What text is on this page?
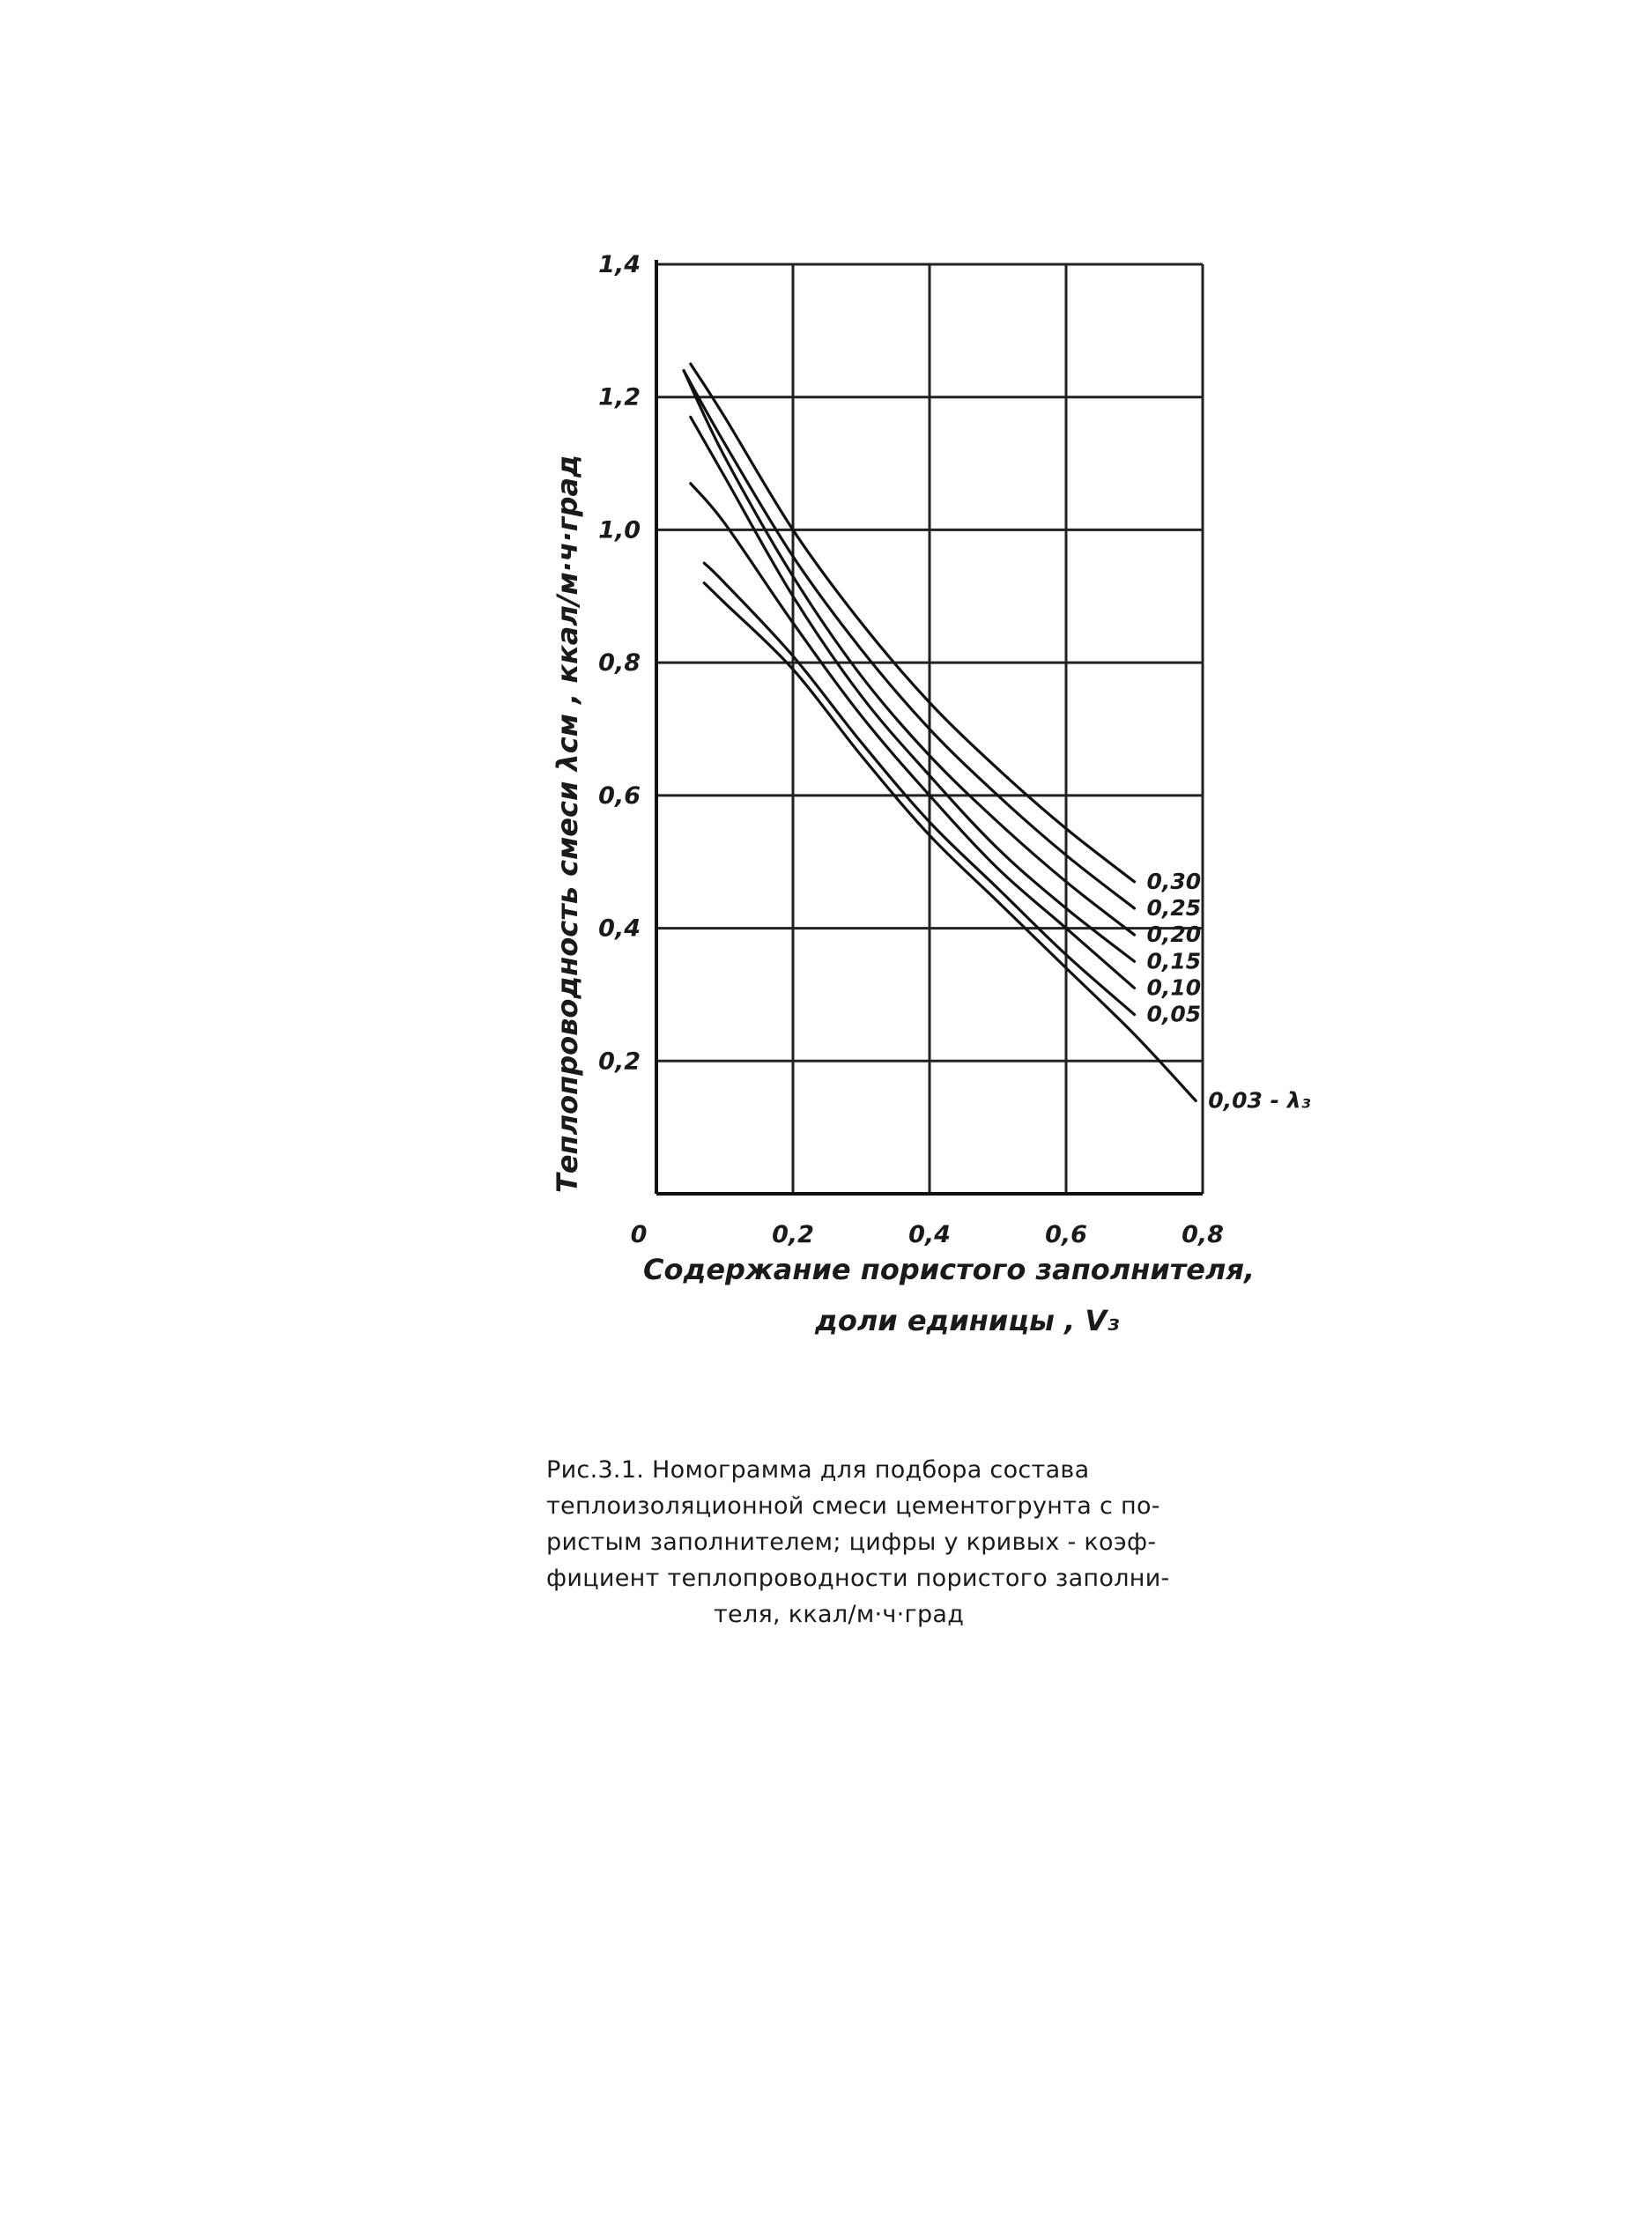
0,2
0,4
0,6
0,8
1,0
1,2
1,4
0	0,2	0,4	0,6	0,8
0,30
0,25
0,20
0,15
0,10
0,05
0,03 - λ₃
Теплопроводность смеси λсм , ккал/м·ч·град
Содержание пористого заполнителя,
доли единицы , V₃
Рис.3.1. Номограмма для подбора состава
теплоизоляционной смеси цементогрунта с по-
ристым заполнителем; цифры у кривых - коэф-
фициент теплопроводности пористого заполни-
теля, ккал/м·ч·град
